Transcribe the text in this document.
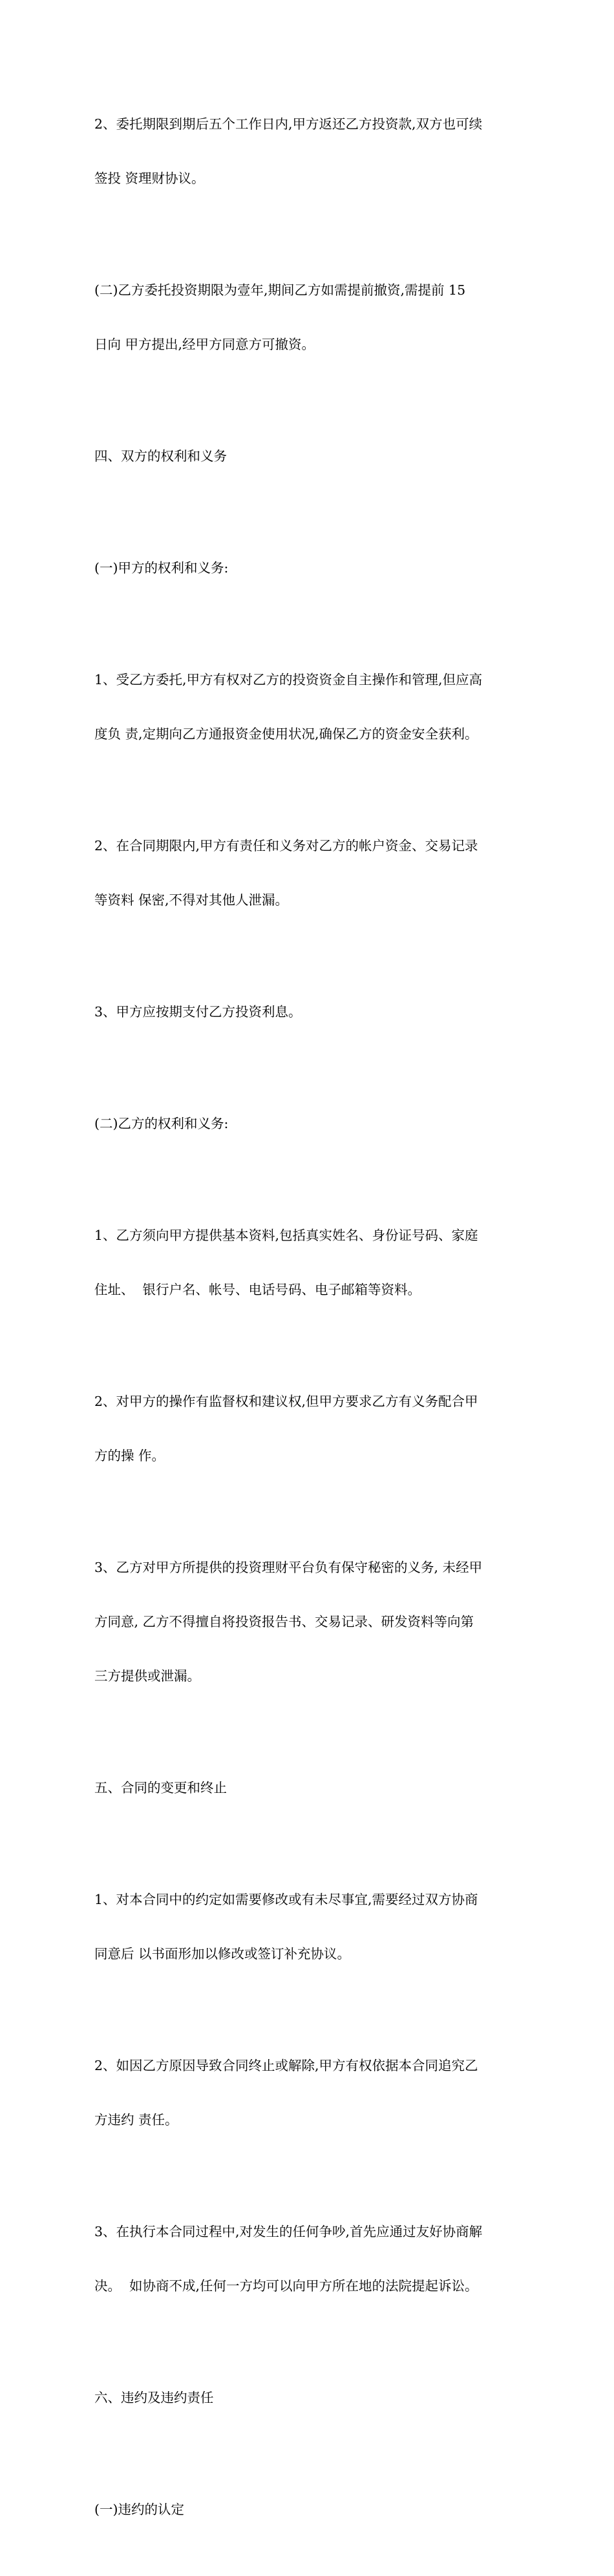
2、委托期限到期后五个工作日内,甲方返还乙方投资款,双方也可续

签投 资理财协议。

(二)乙方委托投资期限为壹年,期间乙方如需提前撤资,需提前 15

日向 甲方提出,经甲方同意方可撤资。

四、双方的权利和义务

(一)甲方的权利和义务:

1、受乙方委托,甲方有权对乙方的投资资金自主操作和管理,但应高

度负 责,定期向乙方通报资金使用状况,确保乙方的资金安全获利。

2、在合同期限内,甲方有责任和义务对乙方的帐户资金、交易记录

等资料 保密,不得对其他人泄漏。

3、甲方应按期支付乙方投资利息。

(二)乙方的权利和义务:

1、乙方须向甲方提供基本资料,包括真实姓名、身份证号码、家庭

住址、  银行户名、帐号、电话号码、电子邮箱等资料。

2、对甲方的操作有监督权和建议权,但甲方要求乙方有义务配合甲

方的操 作。

3、乙方对甲方所提供的投资理财平台负有保守秘密的义务, 未经甲

方同意, 乙方不得擅自将投资报告书、交易记录、研发资料等向第

三方提供或泄漏。

五、合同的变更和终止

1、对本合同中的约定如需要修改或有未尽事宜,需要经过双方协商

同意后 以书面形加以修改或签订补充协议。

2、如因乙方原因导致合同终止或解除,甲方有权依据本合同追究乙

方违约 责任。

3、在执行本合同过程中,对发生的任何争吵,首先应通过友好协商解

决。  如协商不成,任何一方均可以向甲方所在地的法院提起诉讼。

六、违约及违约责任

(一)违约的认定
